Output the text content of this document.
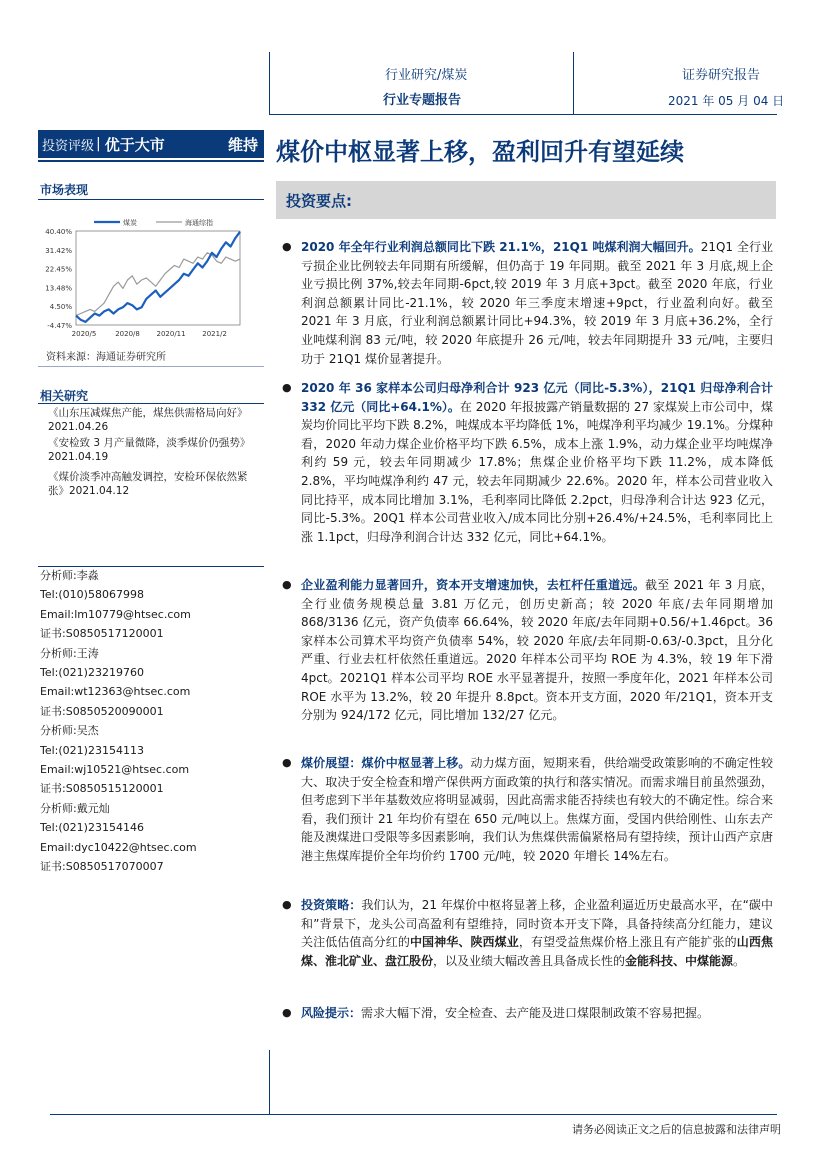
行业研究/煤炭
行业专题报告
证券研究报告
2021 年 05 月 04 日
投资评级 | 优于大市	维持 煤价中枢显著上移，盈利回升有望延续
市场表现
40.40%
31.42%
22.45%
13.48%
4.50%
-4.47%
2020/5	2020/8 2020/11 2021/2
煤炭	海通综指
资料来源：海通证券研究所
相关研究
《山东压减煤焦产能，煤焦供需格局向好》2021.04.26
《安检致 3 月产量微降，淡季煤价仍强势》2021.04.19
《煤价淡季冲高触发调控，安检环保依然紧张》2021.04.12
分析师:李淼
Tel:(010)58067998
Email:lm10779@htsec.com
证书:S0850517120001
分析师:王涛
Tel:(021)23219760
Email:wt12363@htsec.com
证书:S0850520090001
分析师:吴杰
Tel:(021)23154113
Email:wj10521@htsec.com
证书:S0850515120001
分析师:戴元灿
Tel:(021)23154146
Email:dyc10422@htsec.com
证书:S0850517070007
投资要点:
● 2020 年全年行业利润总额同比下跌 21.1%，21Q1 吨煤利润大幅回升。21Q1 全行业亏损企业比例较去年同期有所缓解，但仍高于 19 年同期。截至 2021 年 3 月底,规上企业亏损比例 37%,较去年同期-6pct,较 2019 年 3 月底+3pct。截至 2020 年底，行业利润总额累计同比-21.1%，较 2020 年三季度末增速+9pct，行业盈利向好。截至 2021 年 3 月底，行业利润总额累计同比+94.3%，较 2019 年 3 月底+36.2%，全行业吨煤利润 83 元/吨，较 2020 年底提升 26 元/吨，较去年同期提升 33 元/吨，主要归功于 21Q1 煤价显著提升。
● 2020 年 36 家样本公司归母净利合计 923 亿元（同比-5.3%），21Q1 归母净利合计 332 亿元（同比+64.1%）。在 2020 年报披露产销量数据的 27 家煤炭上市公司中，煤炭均价同比平均下跌 8.2%，吨煤成本平均降低 1%，吨煤净利平均减少 19.1%。分煤种看，2020 年动力煤企业价格平均下跌 6.5%，成本上涨 1.9%，动力煤企业平均吨煤净利约 59 元，较去年同期减少 17.8%；焦煤企业价格平均下跌 11.2%，成本降低 2.8%，平均吨煤净利约 47 元，较去年同期减少 22.6%。2020 年，样本公司营业收入同比持平，成本同比增加 3.1%，毛利率同比降低 2.2pct，归母净利合计达 923 亿元，同比-5.3%。20Q1 样本公司营业收入/成本同比分别+26.4%/+24.5%，毛利率同比上涨 1.1pct，归母净利润合计达 332 亿元，同比+64.1%。
● 企业盈利能力显著回升，资本开支增速加快，去杠杆任重道远。截至 2021 年 3 月底，全行业债务规模总量 3.81 万亿元，创历史新高；较 2020 年底/去年同期增加 868/3136 亿元，资产负债率 66.64%，较 2020 年底/去年同期+0.56/+1.46pct。36 家样本公司算术平均资产负债率 54%，较 2020 年底/去年同期-0.63/-0.3pct，且分化严重、行业去杠杆依然任重道远。2020 年样本公司平均 ROE 为 4.3%，较 19 年下滑 4pct。2021Q1 样本公司平均 ROE 水平显著提升，按照一季度年化，2021 年样本公司 ROE 水平为 13.2%，较 20 年提升 8.8pct。资本开支方面，2020 年/21Q1，资本开支分别为 924/172 亿元，同比增加 132/27 亿元。
● 煤价展望：煤价中枢显著上移。动力煤方面，短期来看，供给端受政策影响的不确定性较大、取决于安全检查和增产保供两方面政策的执行和落实情况。而需求端目前虽然强劲，但考虑到下半年基数效应将明显减弱，因此高需求能否持续也有较大的不确定性。综合来看，我们预计 21 年均价有望在 650 元/吨以上。焦煤方面，受国内供给刚性、山东去产能及澳煤进口受限等多因素影响，我们认为焦煤供需偏紧格局有望持续，预计山西产京唐港主焦煤库提价全年均价约 1700 元/吨，较 2020 年增长 14%左右。
● 投资策略：我们认为，21 年煤价中枢将显著上移，企业盈利逼近历史最高水平，在“碳中和”背景下，龙头公司高盈利有望维持，同时资本开支下降，具备持续高分红能力，建议关注低估值高分红的中国神华、陕西煤业，有望受益焦煤价格上涨且有产能扩张的山西焦煤、淮北矿业、盘江股份，以及业绩大幅改善且具备成长性的金能科技、中煤能源。
● 风险提示：需求大幅下滑，安全检查、去产能及进口煤限制政策不容易把握。
请务必阅读正文之后的信息披露和法律声明
